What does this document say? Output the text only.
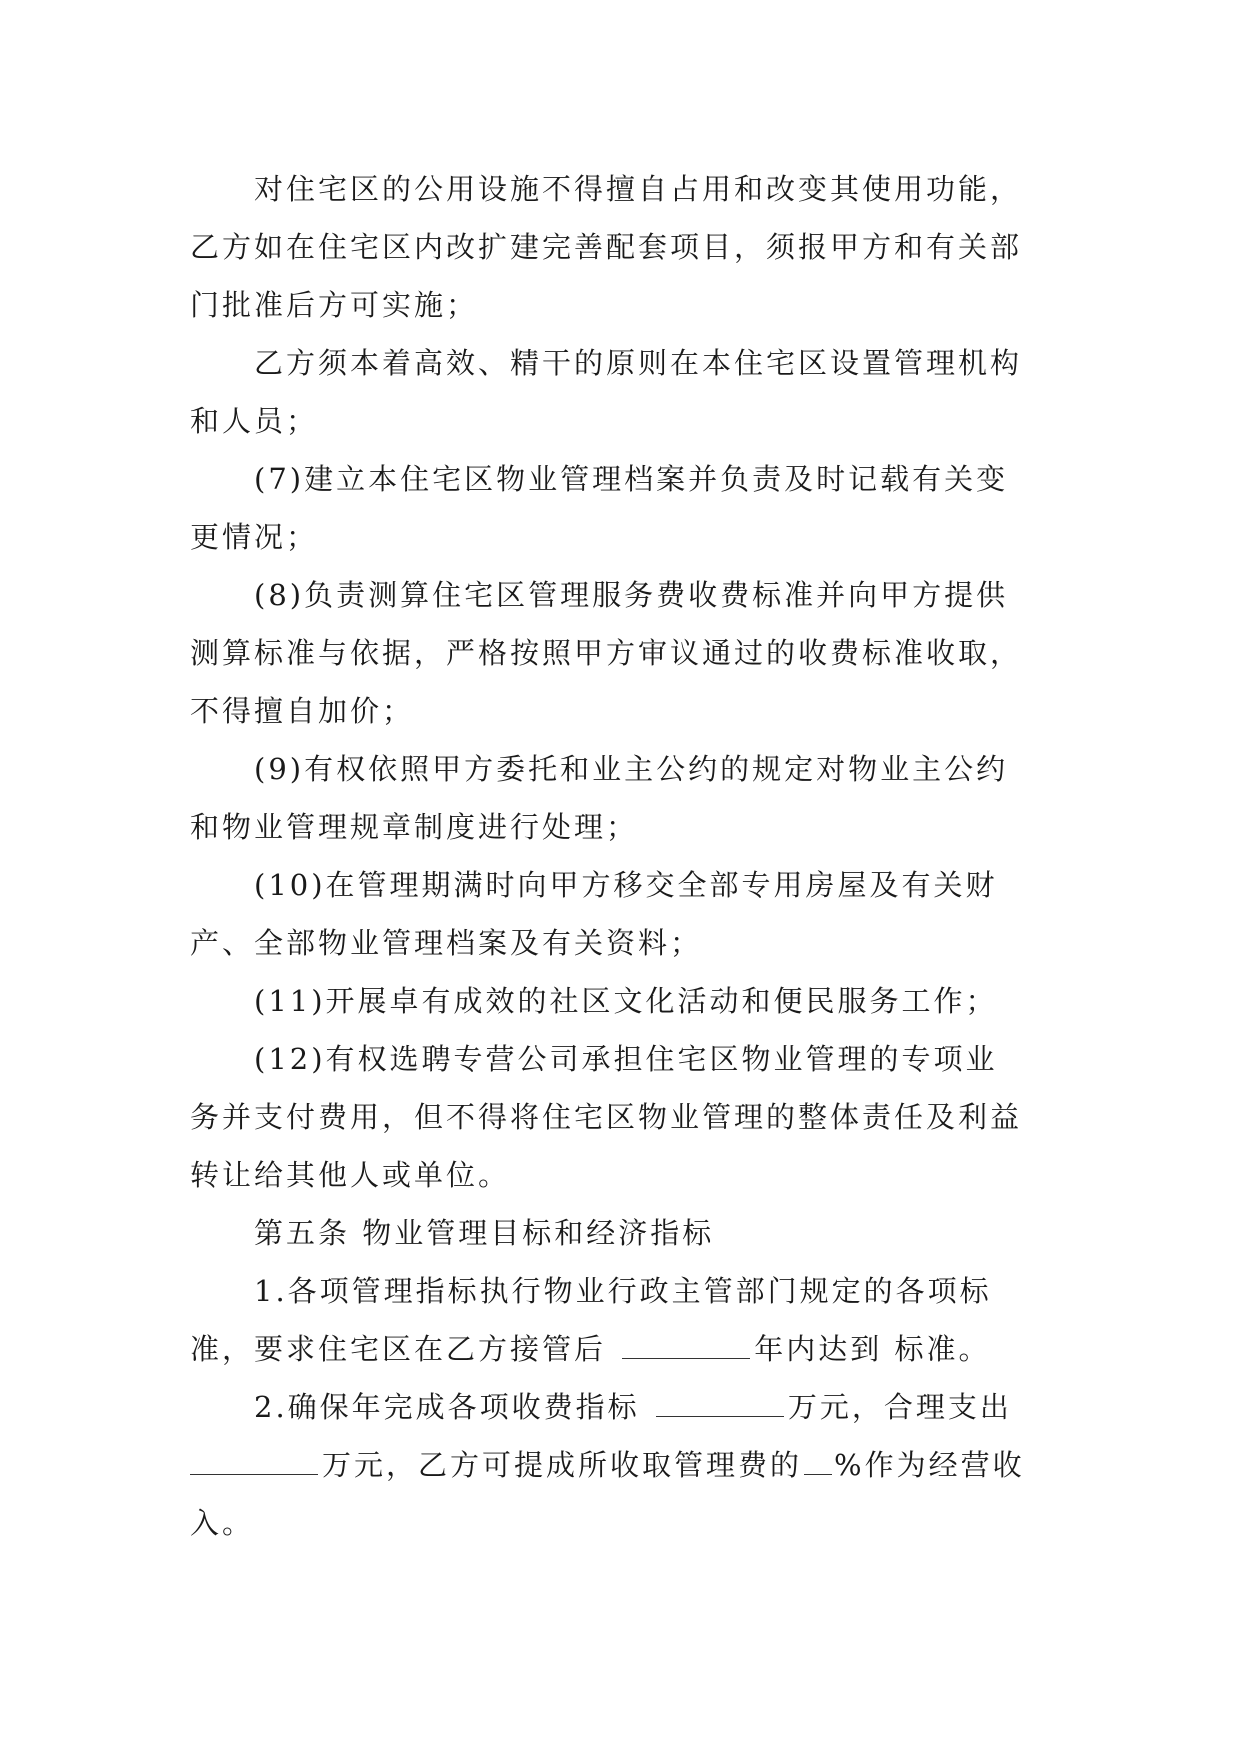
对住宅区的公用设施不得擅自占用和改变其使用功能，
乙方如在住宅区内改扩建完善配套项目，须报甲方和有关部
门批准后方可实施；
乙方须本着高效、精干的原则在本住宅区设置管理机构
和人员；
(7)建立本住宅区物业管理档案并负责及时记载有关变
更情况；
(8)负责测算住宅区管理服务费收费标准并向甲方提供
测算标准与依据，严格按照甲方审议通过的收费标准收取，
不得擅自加价；
(9)有权依照甲方委托和业主公约的规定对物业主公约
和物业管理规章制度进行处理；
(10)在管理期满时向甲方移交全部专用房屋及有关财
产、全部物业管理档案及有关资料；
(11)开展卓有成效的社区文化活动和便民服务工作；
(12)有权选聘专营公司承担住宅区物业管理的专项业
务并支付费用，但不得将住宅区物业管理的整体责任及利益
转让给其他人或单位。
第五条 物业管理目标和经济指标
1.各项管理指标执行物业行政主管部门规定的各项标
准，要求住宅区在乙方接管后	年内达到 标准。
2.确保年完成各项收费指标	万元，合理支出
万元，乙方可提成所收取管理费的 %作为经营收
入。
